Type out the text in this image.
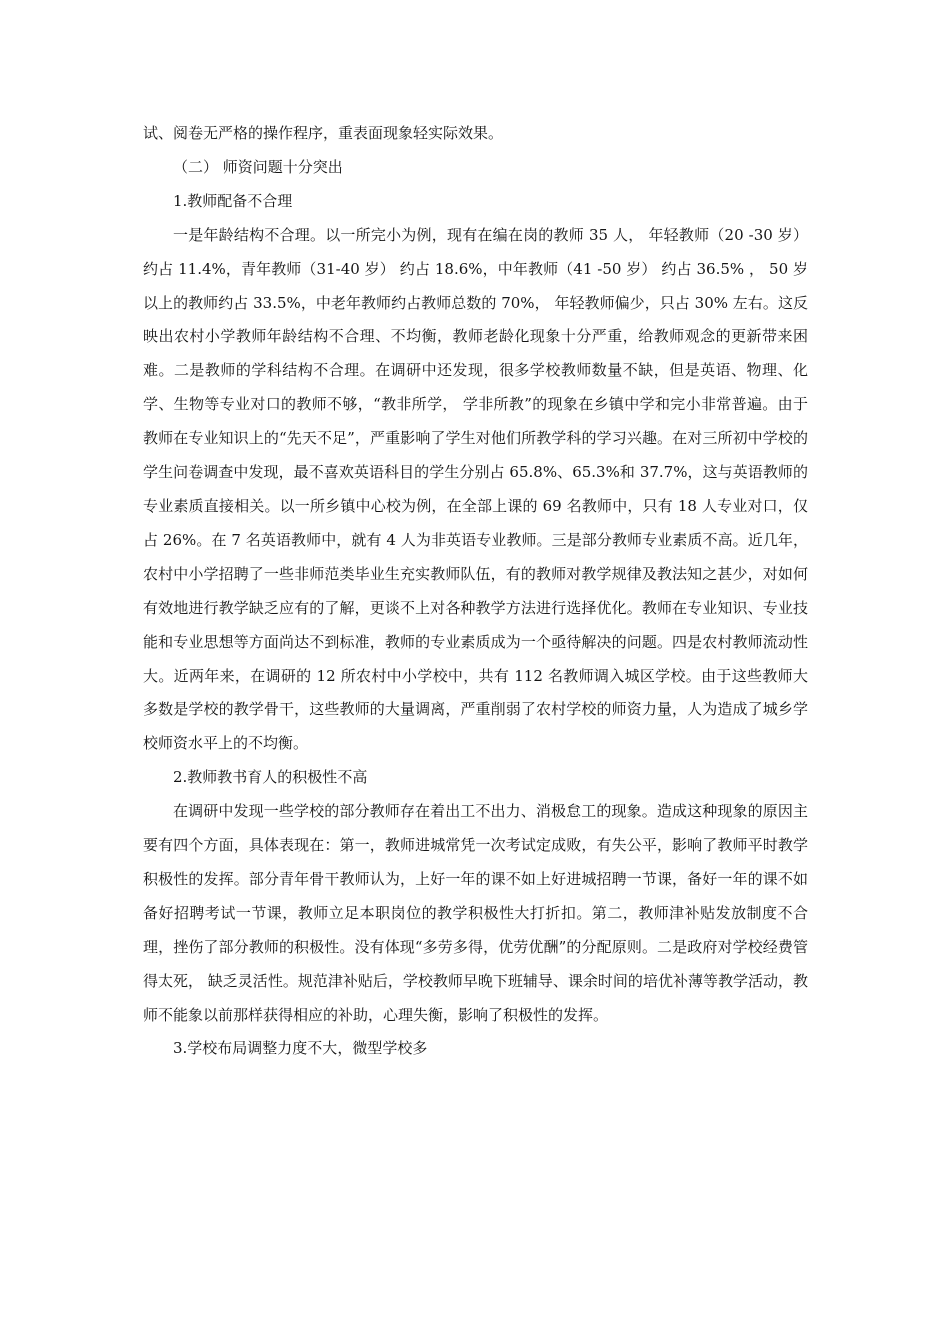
试、阅卷无严格的操作程序，重表面现象轻实际效果。

（二） 师资问题十分突出

1.教师配备不合理

一是年龄结构不合理。以一所完小为例，现有在编在岗的教师 35 人， 年轻教师（20 -30 岁） 约占 11.4%，青年教师（31-40 岁） 约占 18.6%，中年教师（41 -50 岁） 约占 36.5% ， 50 岁以上的教师约占 33.5%，中老年教师约占教师总数的 70%， 年轻教师偏少，只占 30% 左右。这反映出农村小学教师年龄结构不合理、不均衡，教师老龄化现象十分严重，给教师观念的更新带来困难。二是教师的学科结构不合理。在调研中还发现，很多学校教师数量不缺，但是英语、物理、化学、生物等专业对口的教师不够，“教非所学， 学非所教”的现象在乡镇中学和完小非常普遍。由于教师在专业知识上的“先天不足”，严重影响了学生对他们所教学科的学习兴趣。在对三所初中学校的学生问卷调查中发现，最不喜欢英语科目的学生分别占 65.8%、65.3%和 37.7%，这与英语教师的专业素质直接相关。以一所乡镇中心校为例，在全部上课的 69 名教师中，只有 18 人专业对口，仅占 26%。在 7 名英语教师中，就有 4 人为非英语专业教师。三是部分教师专业素质不高。近几年，农村中小学招聘了一些非师范类毕业生充实教师队伍，有的教师对教学规律及教法知之甚少，对如何有效地进行教学缺乏应有的了解，更谈不上对各种教学方法进行选择优化。教师在专业知识、专业技能和专业思想等方面尚达不到标准，教师的专业素质成为一个亟待解决的问题。四是农村教师流动性大。近两年来，在调研的 12 所农村中小学校中，共有 112 名教师调入城区学校。由于这些教师大多数是学校的教学骨干，这些教师的大量调离，严重削弱了农村学校的师资力量，人为造成了城乡学校师资水平上的不均衡。

2.教师教书育人的积极性不高

在调研中发现一些学校的部分教师存在着出工不出力、消极怠工的现象。造成这种现象的原因主要有四个方面，具体表现在：第一，教师进城常凭一次考试定成败，有失公平，影响了教师平时教学积极性的发挥。部分青年骨干教师认为，上好一年的课不如上好进城招聘一节课，备好一年的课不如备好招聘考试一节课，教师立足本职岗位的教学积极性大打折扣。第二，教师津补贴发放制度不合理，挫伤了部分教师的积极性。没有体现“多劳多得，优劳优酬”的分配原则。二是政府对学校经费管得太死， 缺乏灵活性。规范津补贴后，学校教师早晚下班辅导、课余时间的培优补薄等教学活动，教师不能象以前那样获得相应的补助，心理失衡，影响了积极性的发挥。

3.学校布局调整力度不大，微型学校多
